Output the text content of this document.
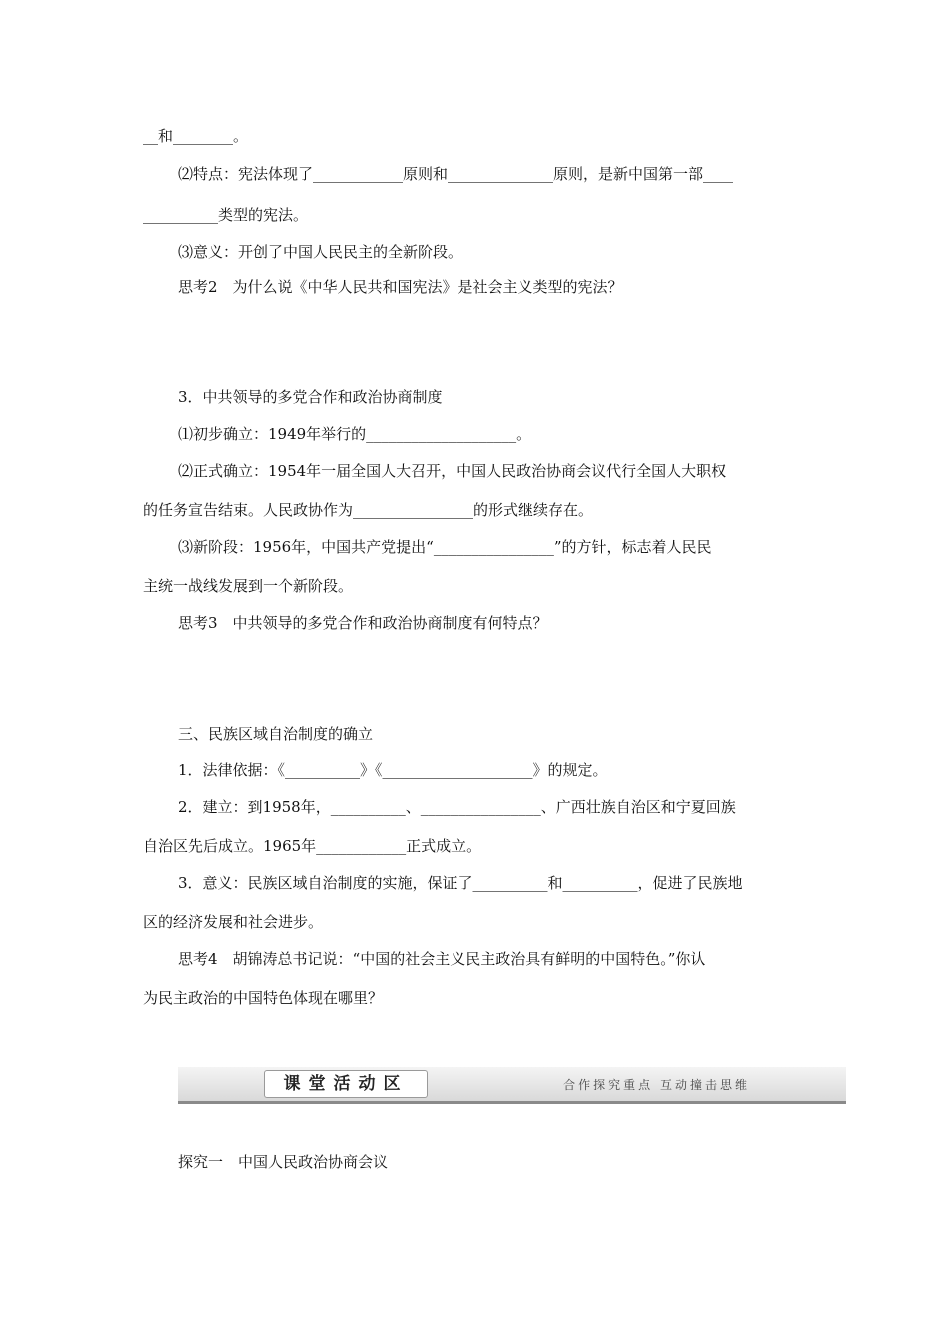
__和________。
⑵特点：宪法体现了____________原则和______________原则，是新中国第一部____
__________类型的宪法。
⑶意义：开创了中国人民民主的全新阶段。
思考2　为什么说《中华人民共和国宪法》是社会主义类型的宪法？
3．中共领导的多党合作和政治协商制度
⑴初步确立：1949年举行的____________________。
⑵正式确立：1954年一届全国人大召开，中国人民政治协商会议代行全国人大职权
的任务宣告结束。人民政协作为________________的形式继续存在。
⑶新阶段：1956年，中国共产党提出“________________”的方针，标志着人民民
主统一战线发展到一个新阶段。
思考3　中共领导的多党合作和政治协商制度有何特点？
三、民族区域自治制度的确立
1．法律依据：《__________》《____________________》的规定。
2．建立：到1958年，__________、________________、广西壮族自治区和宁夏回族
自治区先后成立。1965年____________正式成立。
3．意义：民族区域自治制度的实施，保证了__________和__________，促进了民族地
区的经济发展和社会进步。
思考4　胡锦涛总书记说：“中国的社会主义民主政治具有鲜明的中国特色。”你认
为民主政治的中国特色体现在哪里？
课堂活动区	合作探究重点 互动撞击思维
探究一　中国人民政治协商会议
